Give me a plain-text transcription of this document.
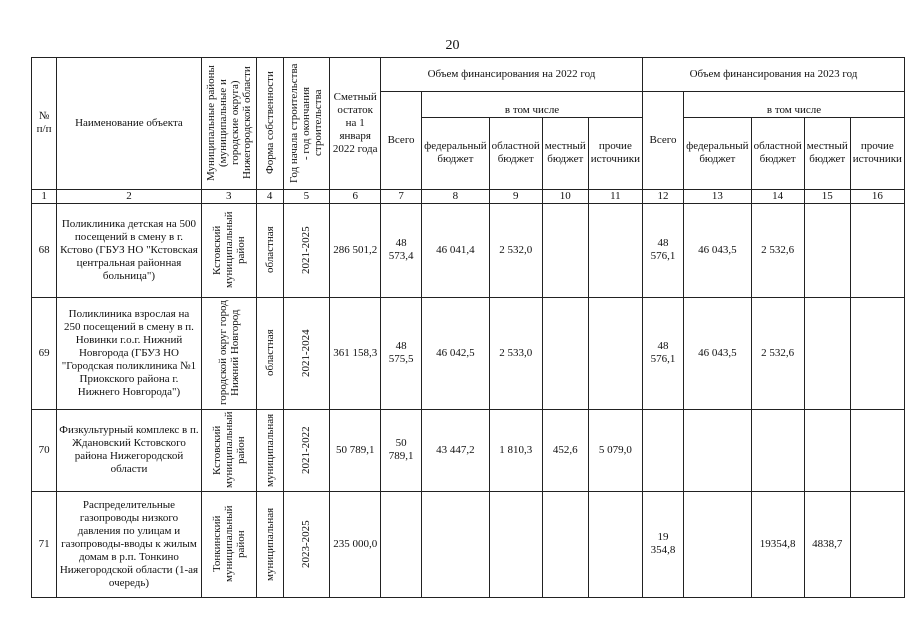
20
№ п/п	Наименование объекта	Муниципальные районы (муниципальные и городские округа) Нижегородской области	Форма собственности	Год начала строительства - год окончания строительства	Сметный остаток на 1 января 2022 года	Объем финансирования на 2022 год					Объем финансирования на 2023 год				
						Всего					Всего				
							в том числе					в том числе			
							федеральный бюджет	областной бюджет	местный бюджет	прочие источники		федеральный бюджет	областной бюджет	местный бюджет	прочие источники
1	2	3	4	5	6	7	8	9	10	11	12	13	14	15	16
68	Поликлиника детская на 500 посещений в смену в г. Кстово (ГБУЗ НО "Кстовская центральная районная больница")	Кстовский муниципальный район	областная	2021-2025	286 501,2	48 573,4	46 041,4	2 532,0			48 576,1	46 043,5	2 532,6		
69	Поликлиника взрослая на 250 посещений в смену в п. Новинки г.о.г. Нижний Новгорода (ГБУЗ НО "Городская поликлиника №1 Приокского района г. Нижнего Новгорода")	городской округ город Нижний Новгород	областная	2021-2024	361 158,3	48 575,5	46 042,5	2 533,0			48 576,1	46 043,5	2 532,6		
70	Физкультурный комплекс в п. Ждановский Кстовского района Нижегородской области	Кстовский муниципальный район	муниципальная	2021-2022	50 789,1	50 789,1	43 447,2	1 810,3	452,6	5 079,0					
71	Распределительные газопроводы низкого давления по улицам и газопроводы-вводы к жилым домам в р.п. Тонкино Нижегородской области (1-ая очередь)	Тонкинский муниципальный район	муниципальная	2023-2025	235 000,0						19 354,8		19354,8	4838,7	
